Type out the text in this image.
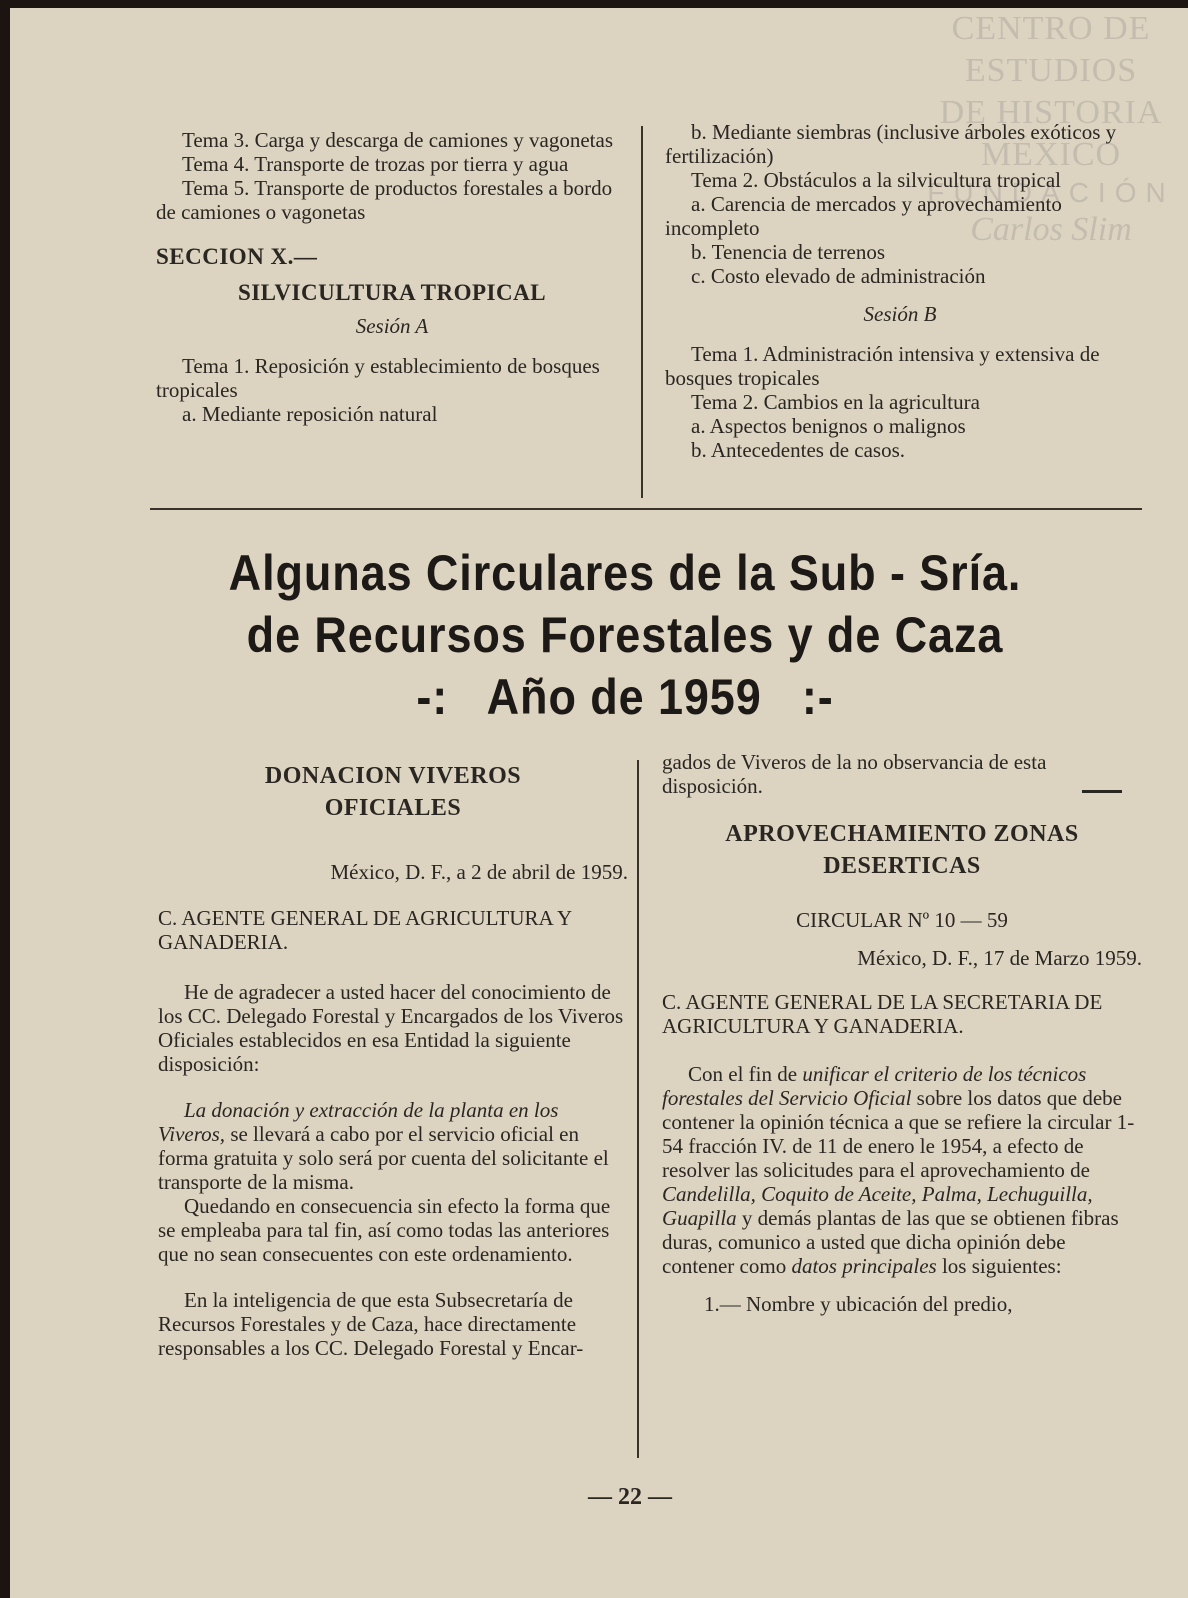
CENTRO DE
ESTUDIOS
DE HISTORIA
MÉXICO
FUNDACIÓN
Carlos Slim

Tema 3. Carga y descarga de camiones y vagonetas

Tema 4. Transporte de trozas por tierra y agua

Tema 5. Transporte de productos forestales a bordo de camiones o vagonetas

SECCION X.—

SILVICULTURA TROPICAL

Sesión A

Tema 1. Reposición y establecimiento de bosques tropicales

a. Mediante reposición natural

b. Mediante siembras (inclusive árboles exóticos y fertilización)

Tema 2. Obstáculos a la silvicultura tropical

a. Carencia de mercados y aprovechamiento incompleto

b. Tenencia de terrenos

c. Costo elevado de administración

Sesión B

Tema 1. Administración intensiva y extensiva de bosques tropicales

Tema 2. Cambios en la agricultura

a. Aspectos benignos o malignos

b. Antecedentes de casos.

Algunas Circulares de la Sub - Sría.
de Recursos Forestales y de Caza
-:   Año de 1959   :-

DONACION VIVEROS OFICIALES

México, D. F., a 2 de abril de 1959.

C. AGENTE GENERAL DE AGRICULTURA Y GANADERIA.

He de agradecer a usted hacer del conocimiento de los CC. Delegado Forestal y Encargados de los Viveros Oficiales establecidos en esa Entidad la siguiente disposición:

La donación y extracción de la planta en los Viveros, se llevará a cabo por el servicio oficial en forma gratuita y solo será por cuenta del solicitante el transporte de la misma.

Quedando en consecuencia sin efecto la forma que se empleaba para tal fin, así como todas las anteriores que no sean consecuentes con este ordenamiento.

En la inteligencia de que esta Subsecretaría de Recursos Forestales y de Caza, hace directamente responsables a los CC. Delegado Forestal y Encar-

gados de Viveros de la no observancia de esta disposición.

APROVECHAMIENTO ZONAS DESERTICAS

CIRCULAR Nº 10 — 59

México, D. F., 17 de Marzo 1959.

C. AGENTE GENERAL DE LA SECRETARIA DE AGRICULTURA Y GANADERIA.

Con el fin de unificar el criterio de los técnicos forestales del Servicio Oficial sobre los datos que debe contener la opinión técnica a que se refiere la circular 1-54 fracción IV. de 11 de enero le 1954, a efecto de resolver las solicitudes para el aprovechamiento de Candelilla, Coquito de Aceite, Palma, Lechuguilla, Guapilla y demás plantas de las que se obtienen fibras duras, comunico a usted que dicha opinión debe contener como datos principales los siguientes:

1.— Nombre y ubicación del predio,

— 22 —
